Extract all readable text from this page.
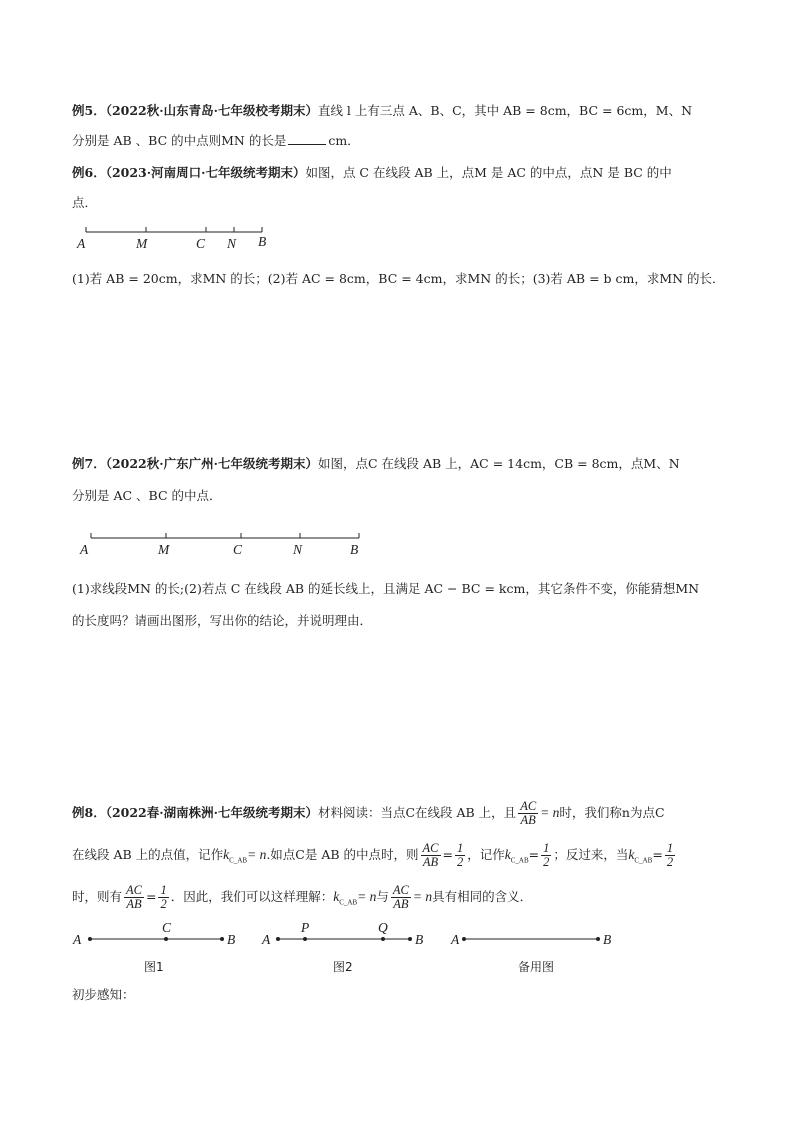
例5．（2022秋·山东青岛·七年级校考期末）直线 l 上有三点 A、B、C，其中 AB = 8cm，BC = 6cm，M、N
分别是 AB 、BC 的中点则MN 的长是	cm．
例6．（2023·河南周口·七年级统考期末）如图，点 C 在线段 AB 上，点M 是 AC 的中点，点N 是 BC 的中
点．
(1)若 AB = 20cm，求MN 的长；(2)若 AC = 8cm，BC = 4cm，求MN 的长；(3)若 AB = b cm，求MN 的长．
例7．（2022秋·广东广州·七年级统考期末）如图，点C 在线段 AB 上，AC = 14cm，CB = 8cm，点M、N
分别是 AC 、BC 的中点．
(1)求线段MN 的长;(2)若点 C 在线段 AB 的延长线上，且满足 AC − BC = kcm，其它条件不变，你能猜想MN
的长度吗？请画出图形，写出你的结论，并说明理由．
例8．（2022春·湖南株洲·七年级统考期末）材料阅读：当点C在线段 AB 上，且 $\frac{AC}{AB} = n$时，我们称n为点C
在线段 AB 上的点值，记作$k_{C\_AB}= n$.如点C是 AB 的中点时，则 $\frac{AC}{AB} = \frac{1}{2}$ ，记作$k_{C\_AB}= \frac{1}{2}$ ；反过来，当$k_{C\_AB}= \frac{1}{2}$
时，则有 $\frac{AC}{AB} = \frac{1}{2}$ ．因此，我们可以这样理解：$k_{C\_AB}= n$与 $\frac{AC}{AB} = n$具有相同的含义．
初步感知：
A	M	C N B
A	M	C	N	B
A
C
B
图1
A
P	Q
B
图2
A	B
备用图
